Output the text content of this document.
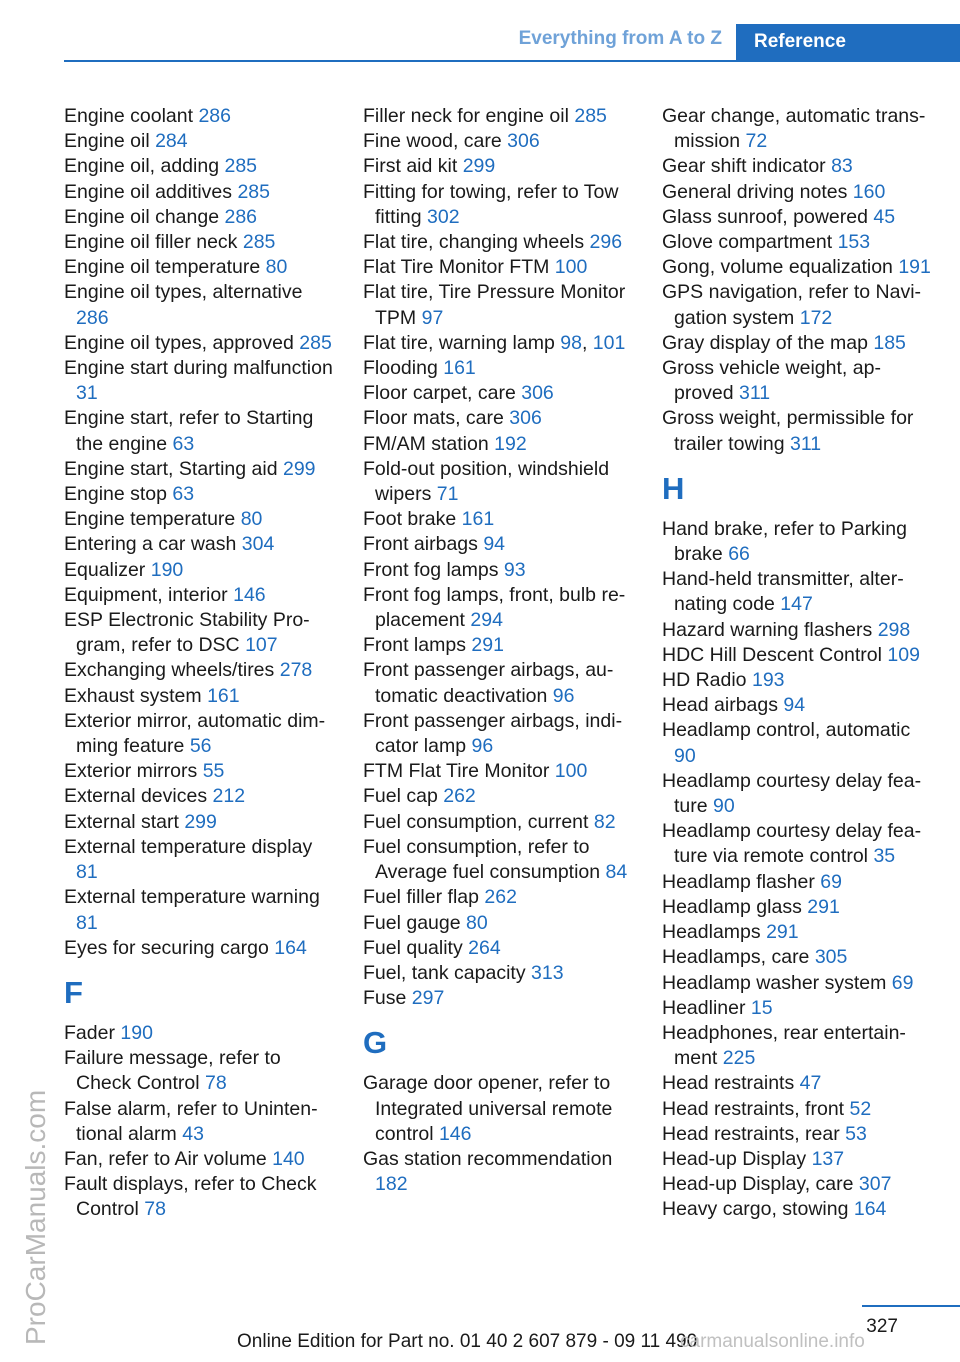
Everything from A to Z	Reference
ProCarManuals.com
Engine coolant 286
Engine oil 284
Engine oil, adding 285
Engine oil additives 285
Engine oil change 286
Engine oil filler neck 285
Engine oil temperature 80
Engine oil types, alternative 286
Engine oil types, approved 285
Engine start during malfunction 31
Engine start, refer to Starting the engine 63
Engine start, Starting aid 299
Engine stop 63
Engine temperature 80
Entering a car wash 304
Equalizer 190
Equipment, interior 146
ESP Electronic Stability Program, refer to DSC 107
Exchanging wheels/tires 278
Exhaust system 161
Exterior mirror, automatic dimming feature 56
Exterior mirrors 55
External devices 212
External start 299
External temperature display 81
External temperature warning 81
Eyes for securing cargo 164
F
Fader 190
Failure message, refer to Check Control 78
False alarm, refer to Unintentional alarm 43
Fan, refer to Air volume 140
Fault displays, refer to Check Control 78
Filler neck for engine oil 285
Fine wood, care 306
First aid kit 299
Fitting for towing, refer to Tow fitting 302
Flat tire, changing wheels 296
Flat Tire Monitor FTM 100
Flat tire, Tire Pressure Monitor TPM 97
Flat tire, warning lamp 98, 101
Flooding 161
Floor carpet, care 306
Floor mats, care 306
FM/AM station 192
Fold-out position, windshield wipers 71
Foot brake 161
Front airbags 94
Front fog lamps 93
Front fog lamps, front, bulb replacement 294
Front lamps 291
Front passenger airbags, automatic deactivation 96
Front passenger airbags, indicator lamp 96
FTM Flat Tire Monitor 100
Fuel cap 262
Fuel consumption, current 82
Fuel consumption, refer to Average fuel consumption 84
Fuel filler flap 262
Fuel gauge 80
Fuel quality 264
Fuel, tank capacity 313
Fuse 297
G
Garage door opener, refer to Integrated universal remote control 146
Gas station recommendation 182
Gear change, automatic transmission 72
Gear shift indicator 83
General driving notes 160
Glass sunroof, powered 45
Glove compartment 153
Gong, volume equalization 191
GPS navigation, refer to Navigation system 172
Gray display of the map 185
Gross vehicle weight, approved 311
Gross weight, permissible for trailer towing 311
H
Hand brake, refer to Parking brake 66
Hand-held transmitter, alternating code 147
Hazard warning flashers 298
HDC Hill Descent Control 109
HD Radio 193
Head airbags 94
Headlamp control, automatic 90
Headlamp courtesy delay feature 90
Headlamp courtesy delay feature via remote control 35
Headlamp flasher 69
Headlamp glass 291
Headlamps 291
Headlamps, care 305
Headlamp washer system 69
Headliner 15
Headphones, rear entertainment 225
Head restraints 47
Head restraints, front 52
Head restraints, rear 53
Head-up Display 137
Head-up Display, care 307
Heavy cargo, stowing 164
327
Online Edition for Part no. 01 40 2 607 879 - 09 11 490
carmanualsonline.info
